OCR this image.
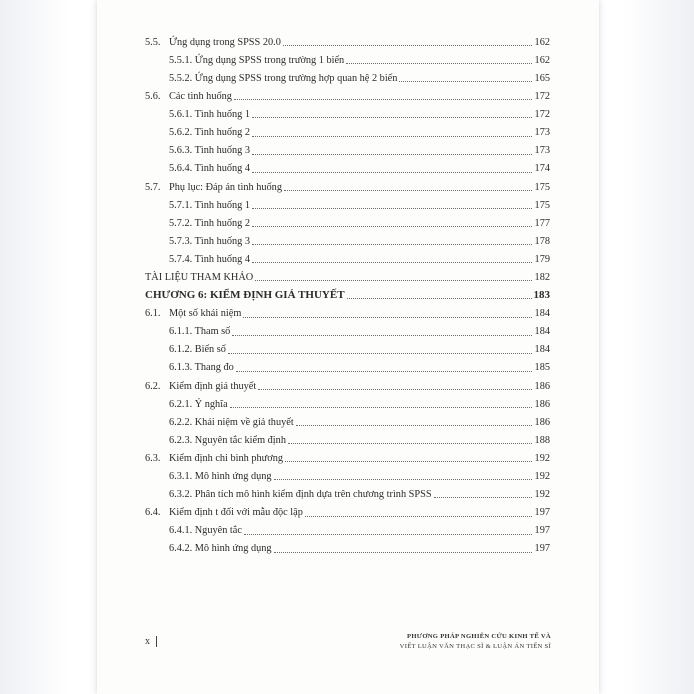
5.5. Ứng dụng trong SPSS 20.0	162
5.5.1. Ứng dụng SPSS trong trường 1 biến	162
5.5.2. Ứng dụng SPSS trong trường hợp quan hệ 2 biến	165
5.6. Các tình huống	172
5.6.1. Tình huống 1	172
5.6.2. Tình huống 2	173
5.6.3. Tình huống 3	173
5.6.4. Tình huống 4	174
5.7. Phụ lục: Đáp án tình huống	175
5.7.1. Tình huống 1	175
5.7.2. Tình huống 2	177
5.7.3. Tình huống 3	178
5.7.4. Tình huống 4	179
TÀI LIỆU THAM KHẢO	182
CHƯƠNG 6: KIỂM ĐỊNH GIẢ THUYẾT	183
6.1. Một số khái niệm	184
6.1.1. Tham số	184
6.1.2. Biến số	184
6.1.3. Thang đo	185
6.2. Kiểm định giả thuyết	186
6.2.1. Ý nghĩa	186
6.2.2. Khái niệm về giả thuyết	186
6.2.3. Nguyên tắc kiểm định	188
6.3. Kiểm định chi bình phương	192
6.3.1. Mô hình ứng dụng	192
6.3.2. Phân tích mô hình kiểm định dựa trên chương trình SPSS	192
6.4. Kiểm định t đối với mẫu độc lập	197
6.4.1. Nguyên tắc	197
6.4.2. Mô hình ứng dụng	197
x	PHƯƠNG PHÁP NGHIÊN CỨU KINH TẾ VÀ
VIẾT LUẬN VĂN THẠC SĨ & LUẬN ÁN TIẾN SĨ
